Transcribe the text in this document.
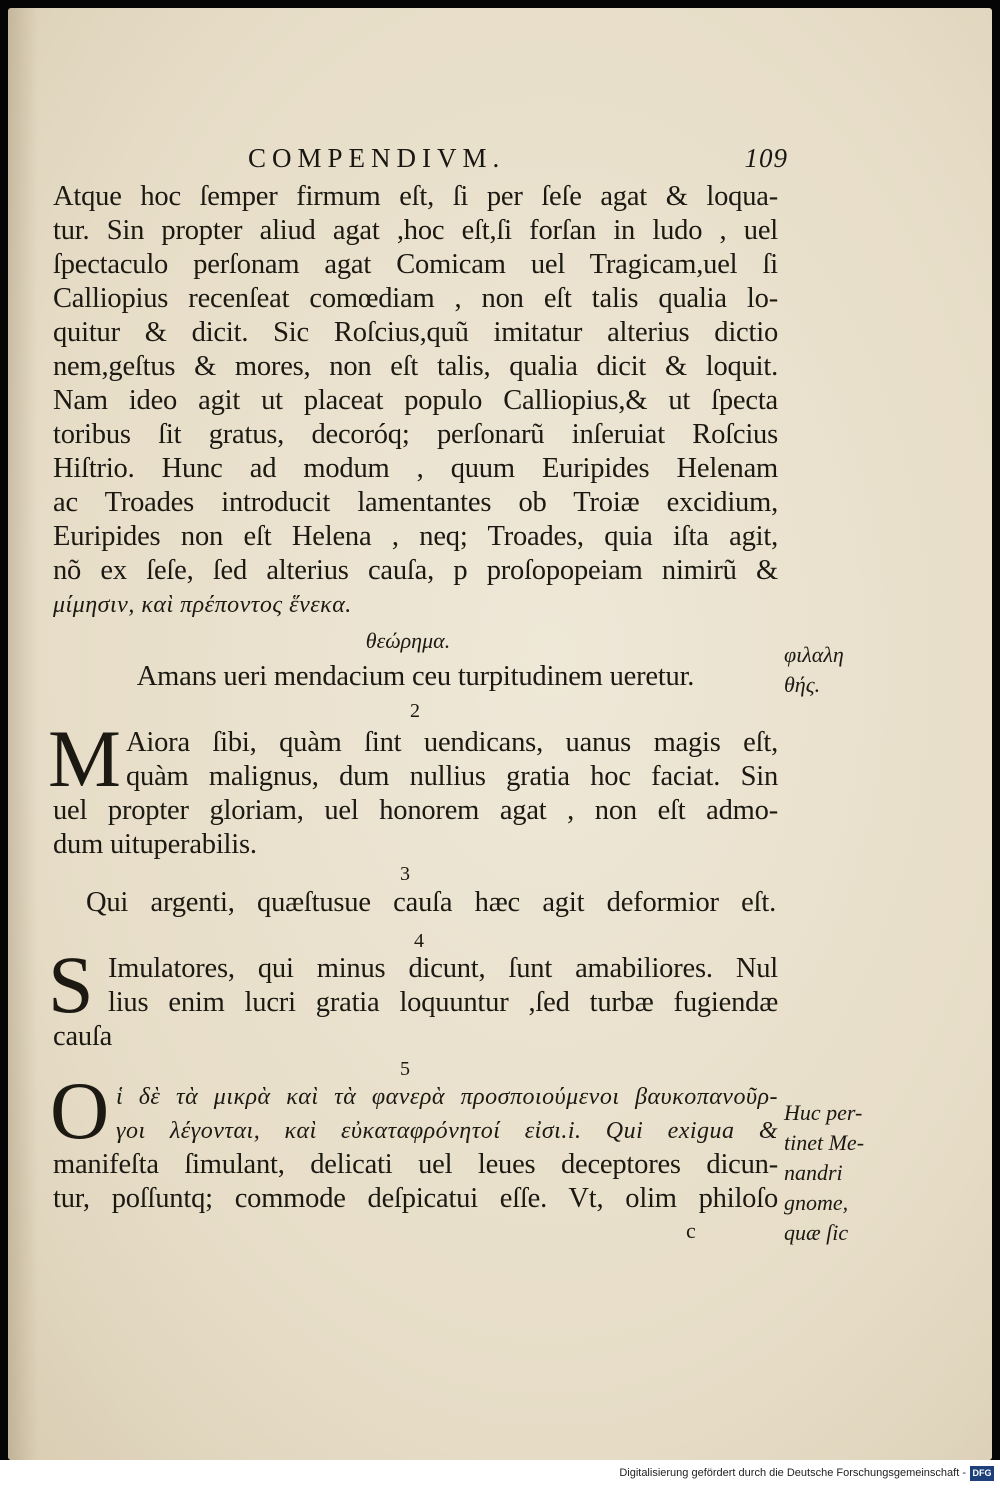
COMPENDIVM.	109
Atque hoc ſemper firmum eſt, ſi per ſeſe agat & loqua-
tur. Sin propter aliud agat ,hoc eſt,ſi forſan in ludo , uel
ſpectaculo perſonam agat Comicam uel Tragicam,uel ſi
Calliopius recenſeat comœdiam , non eſt talis qualia lo-
quitur & dicit. Sic Roſcius,quũ imitatur alterius dictio
nem,geſtus & mores, non eſt talis, qualia dicit & loquit.
Nam ideo agit ut placeat populo Calliopius,& ut ſpecta
toribus ſit gratus, decoróq; perſonarũ inſeruiat Roſcius
Hiſtrio. Hunc ad modum , quum Euripides Helenam
ac Troades introducit lamentantes ob Troiæ excidium,
Euripides non eſt Helena , neq; Troades, quia iſta agit,
nõ ex ſeſe, ſed alterius cauſa, p proſopopeiam nimirũ &
μίμησιν, καὶ πρέποντος ἕνεκα.
θεώρημα.
Amans ueri mendacium ceu turpitudinem ueretur.
φιλαλη
θής.
2
M Aiora ſibi, quàm ſint uendicans, uanus magis eſt,
quàm malignus, dum nullius gratia hoc faciat. Sin
uel propter gloriam, uel honorem agat , non eſt admo-
dum uituperabilis.
3
Qui argenti, quæſtusue cauſa hæc agit deformior eſt.
4
S Imulatores, qui minus dicunt, ſunt amabiliores. Nul
lius enim lucri gratia loquuntur ,ſed turbæ fugiendæ
cauſa
5
O ἱ δὲ τὰ μικρὰ καὶ τὰ φανερὰ προσποιούμενοι βαυκοπανοῦρ-
γοι λέγονται, καὶ εὐκαταφρόνητοί εἰσι.i. Qui exigua &
manifeſta ſimulant, delicati uel leues deceptores dicun-
tur, poſſuntq; commode deſpicatui eſſe. Vt, olim philoſo
Huc per-
tinet Me-
nandri
gnome,
quæ ſic
c
Digitalisierung gefördert durch die Deutsche Forschungsgemeinschaft - DFG
